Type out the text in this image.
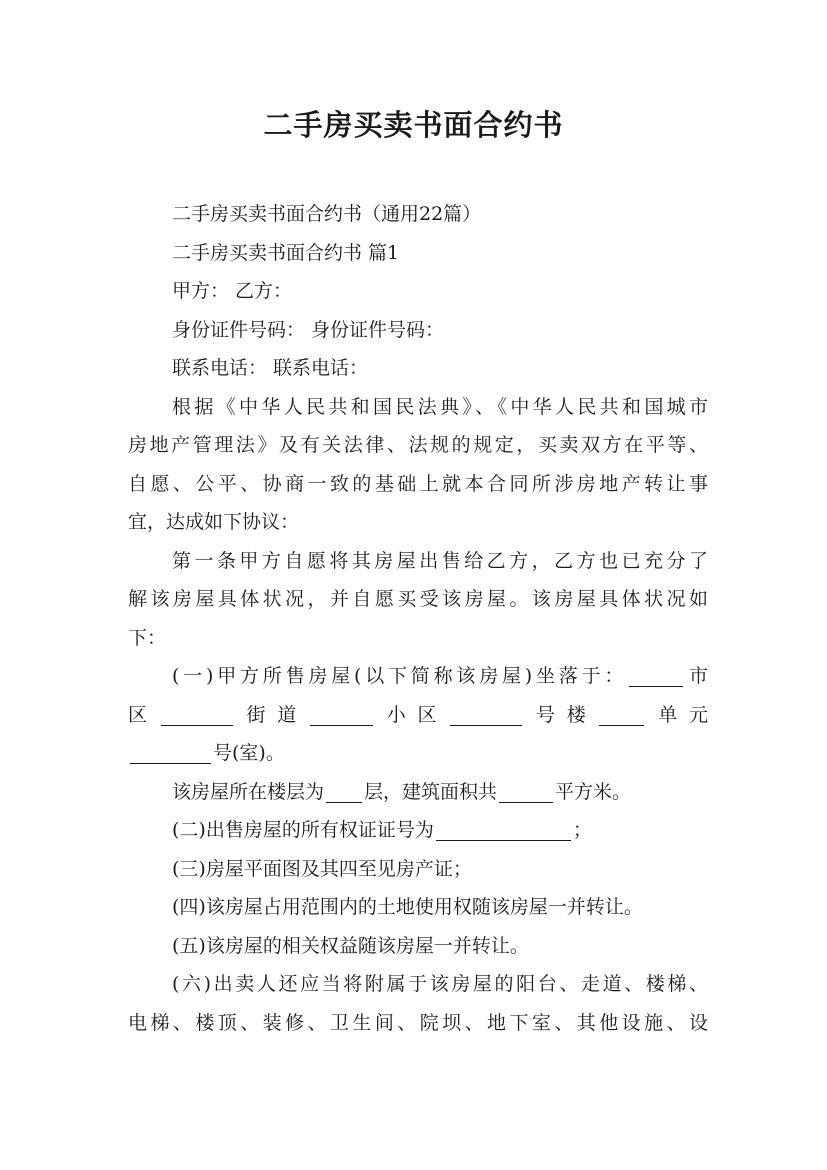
二手房买卖书面合约书
二手房买卖书面合约书（通用22篇）
二手房买卖书面合约书 篇1
甲方： 乙方：
身份证件号码： 身份证件号码：
联系电话： 联系电话：
根据《中华人民共和国民法典》、《中华人民共和国城市
房地产管理法》及有关法律、法规的规定，买卖双方在平等、
自愿、公平、协商一致的基础上就本合同所涉房地产转让事
宜，达成如下协议：
第一条甲方自愿将其房屋出售给乙方，乙方也已充分了
解该房屋具体状况，并自愿买受该房屋。该房屋具体状况如
下：
(一)甲方所售房屋(以下简称该房屋)坐落于：	市
区	街道	小区	号楼	单元
号(室)。
该房屋所在楼层为 层，建筑面积共	平方米。
(二)出售房屋的所有权证证号为	；
(三)房屋平面图及其四至见房产证；
(四)该房屋占用范围内的土地使用权随该房屋一并转让。
(五)该房屋的相关权益随该房屋一并转让。
(六)出卖人还应当将附属于该房屋的阳台、走道、楼梯、
电梯、楼顶、装修、卫生间、院坝、地下室、其他设施、设
